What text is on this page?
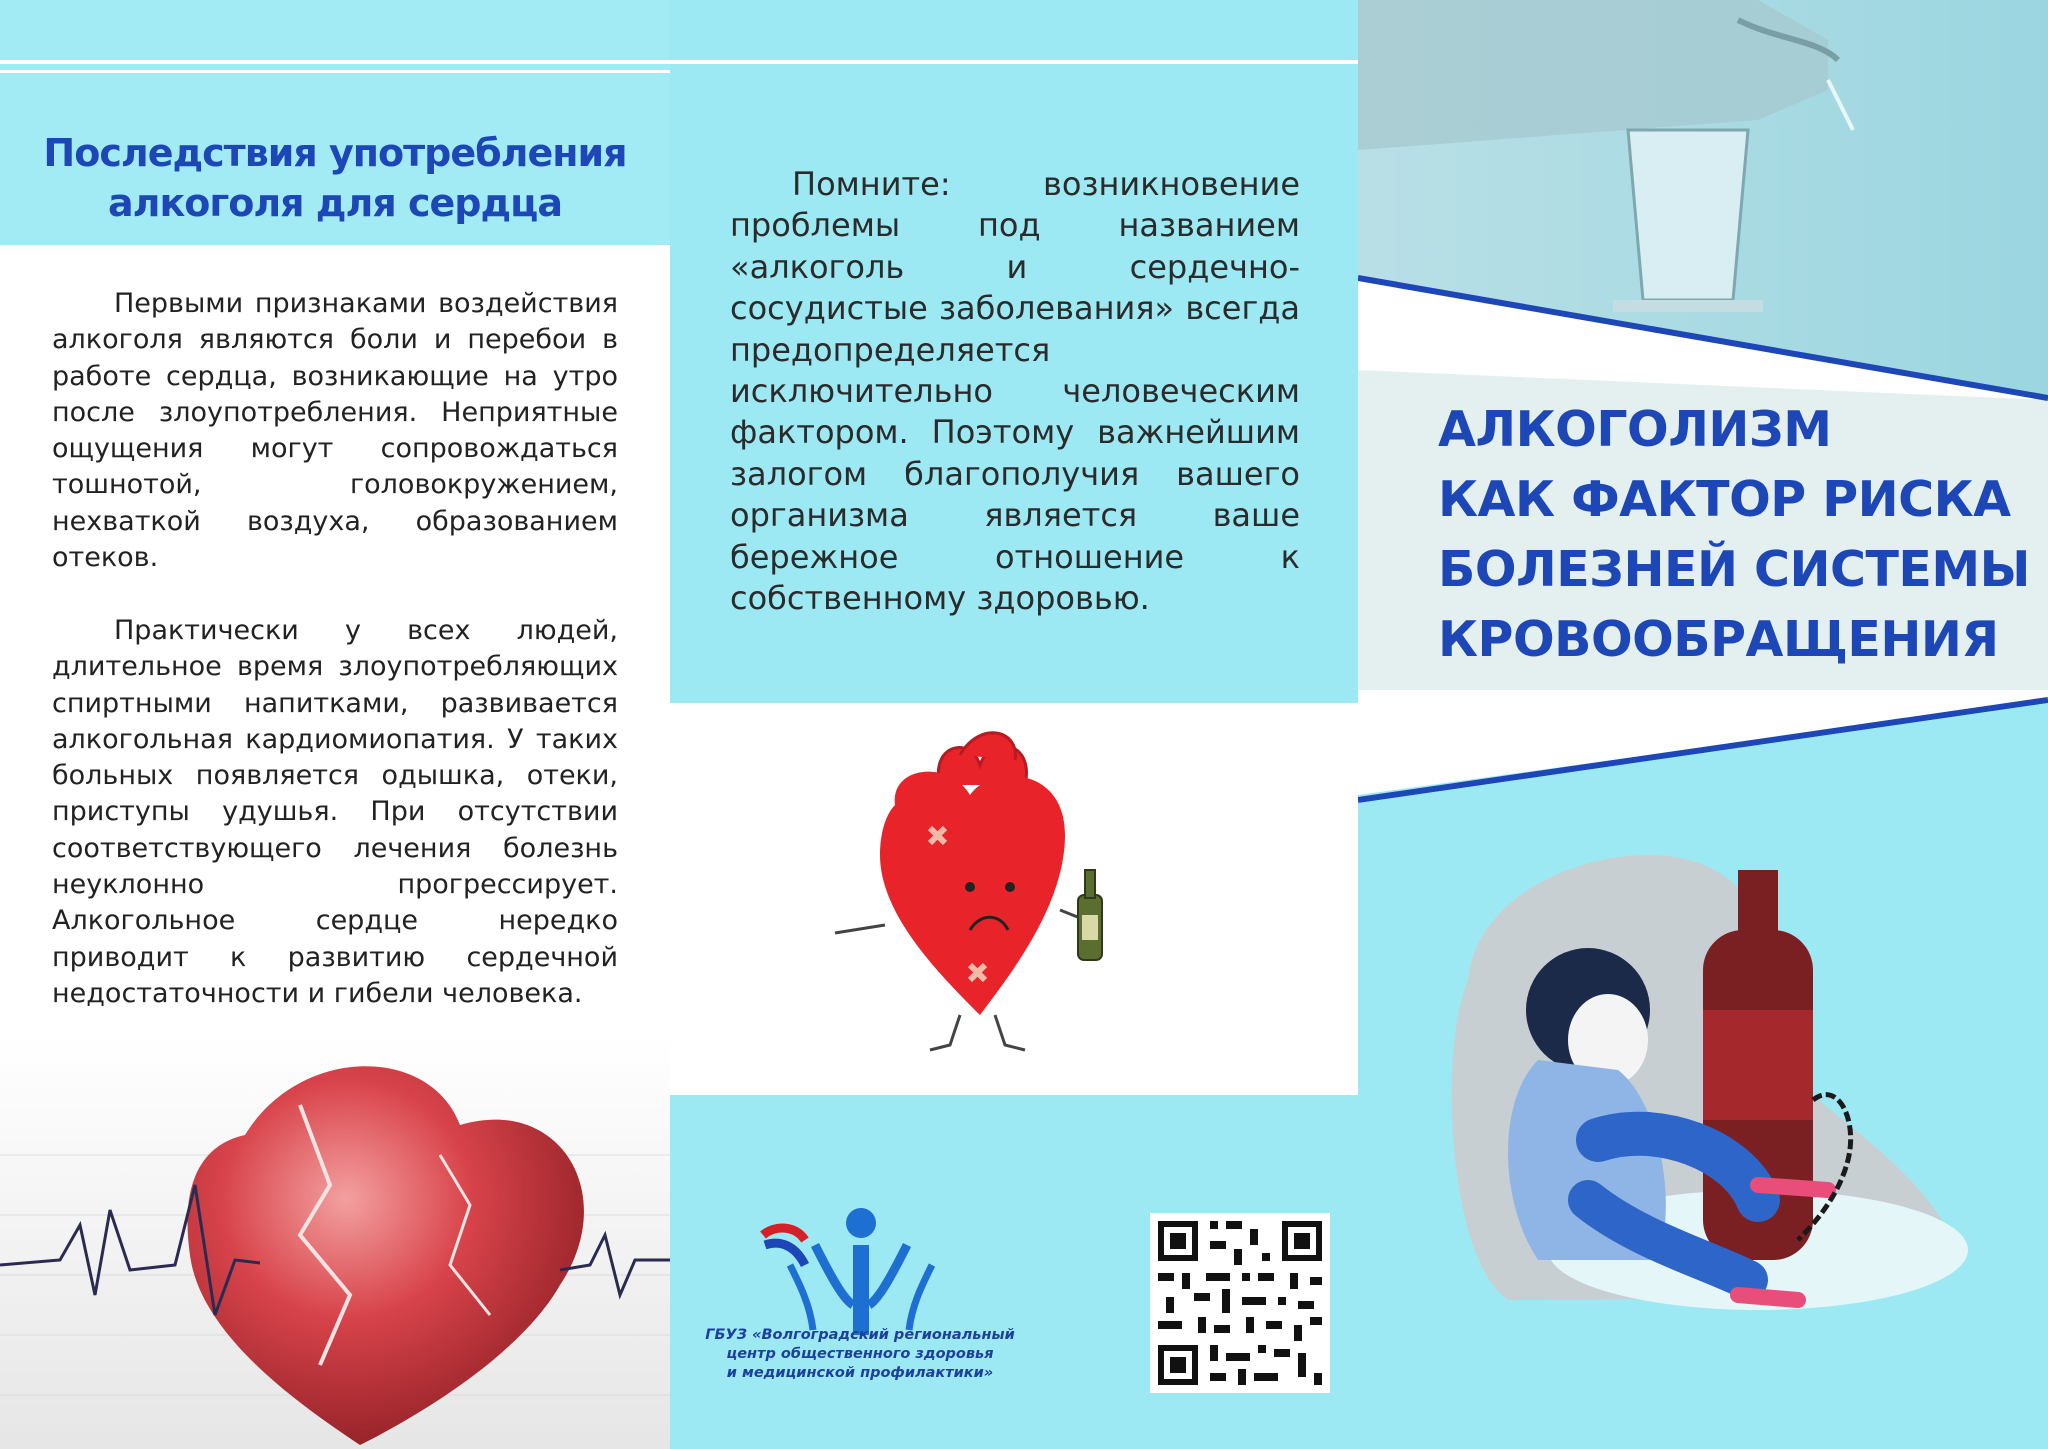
Последствия употребления
алкоголя для сердца

Первыми признаками воздействия алкоголя являются боли и перебои в работе сердца, возникающие на утро после злоупотребления. Неприятные ощущения могут сопровождаться тошнотой, головокружением, нехваткой воздуха, образованием отеков.

Практически у всех людей, длительное время злоупотребляющих спиртными напитками, развивается алкогольная кардиомиопатия. У таких больных появляется одышка, отеки, приступы удушья. При отсутствии соответствующего лечения болезнь неуклонно прогрессирует. Алкогольное сердце нередко приводит к развитию сердечной недостаточности и гибели человека.

Помните: возникновение проблемы под названием «алкоголь и сердечно-сосудистые заболевания» всегда предопределяется исключительно человеческим фактором. Поэтому важнейшим залогом благополучия вашего организма является ваше бережное отношение к собственному здоровью.

ГБУЗ «Волгоградский региональный
центр общественного здоровья
и медицинской профилактики»
АЛКОГОЛИЗМ
КАК ФАКТОР РИСКА
БОЛЕЗНЕЙ СИСТЕМЫ
КРОВООБРАЩЕНИЯ
